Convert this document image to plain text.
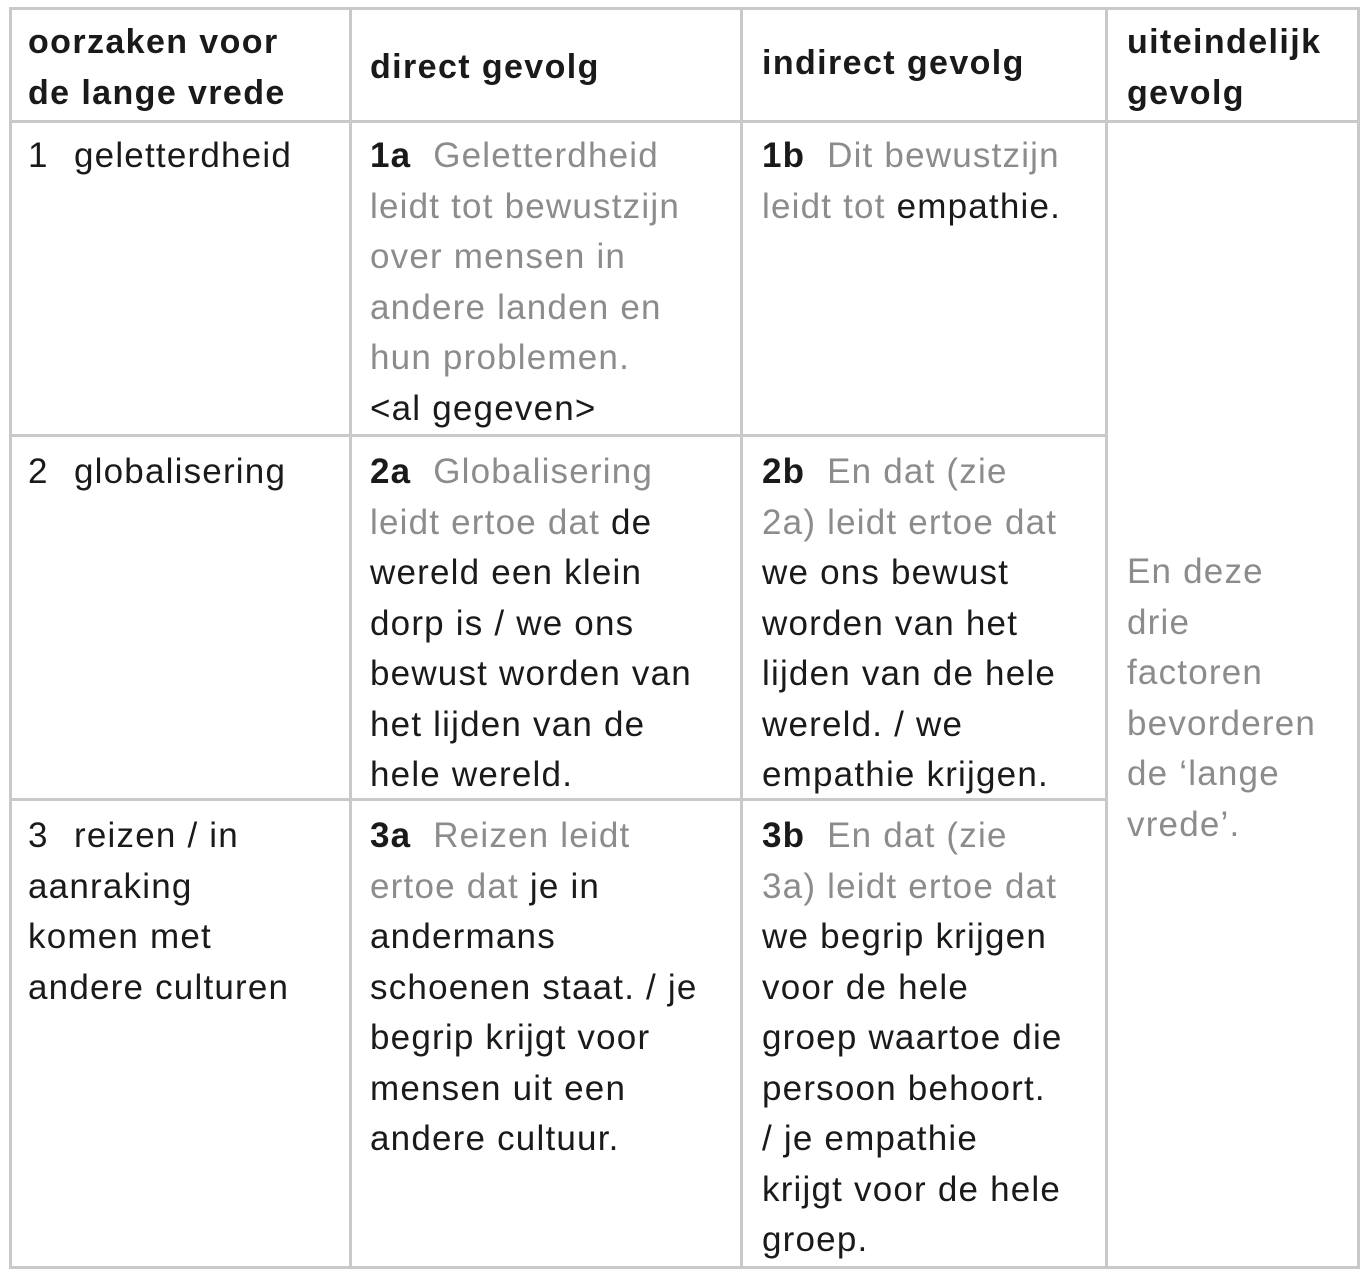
oorzaken voor
de lange vrede
direct gevolg	indirect gevolg
uiteindelijk
gevolg
1 geletterdheid 1a Geletterdheid
leidt tot bewustzijn
over mensen in
andere landen en
hun problemen.
<al gegeven>
1b Dit bewustzijn
leidt tot empathie.
2 globalisering 2a Globalisering
leidt ertoe dat de
wereld een klein
dorp is / we ons
bewust worden van
het lijden van de
hele wereld.
2b En dat (zie
2a) leidt ertoe dat
we ons bewust
worden van het
lijden van de hele
wereld. / we
empathie krijgen.
3 reizen / in
aanraking
komen met
andere culturen
3a Reizen leidt
ertoe dat je in
andermans
schoenen staat. / je
begrip krijgt voor
mensen uit een
andere cultuur.
3b En dat (zie
3a) leidt ertoe dat
we begrip krijgen
voor de hele
groep waartoe die
persoon behoort.
/ je empathie
krijgt voor de hele
groep.
En deze
drie
factoren
bevorderen
de ‘lange
vrede’.
